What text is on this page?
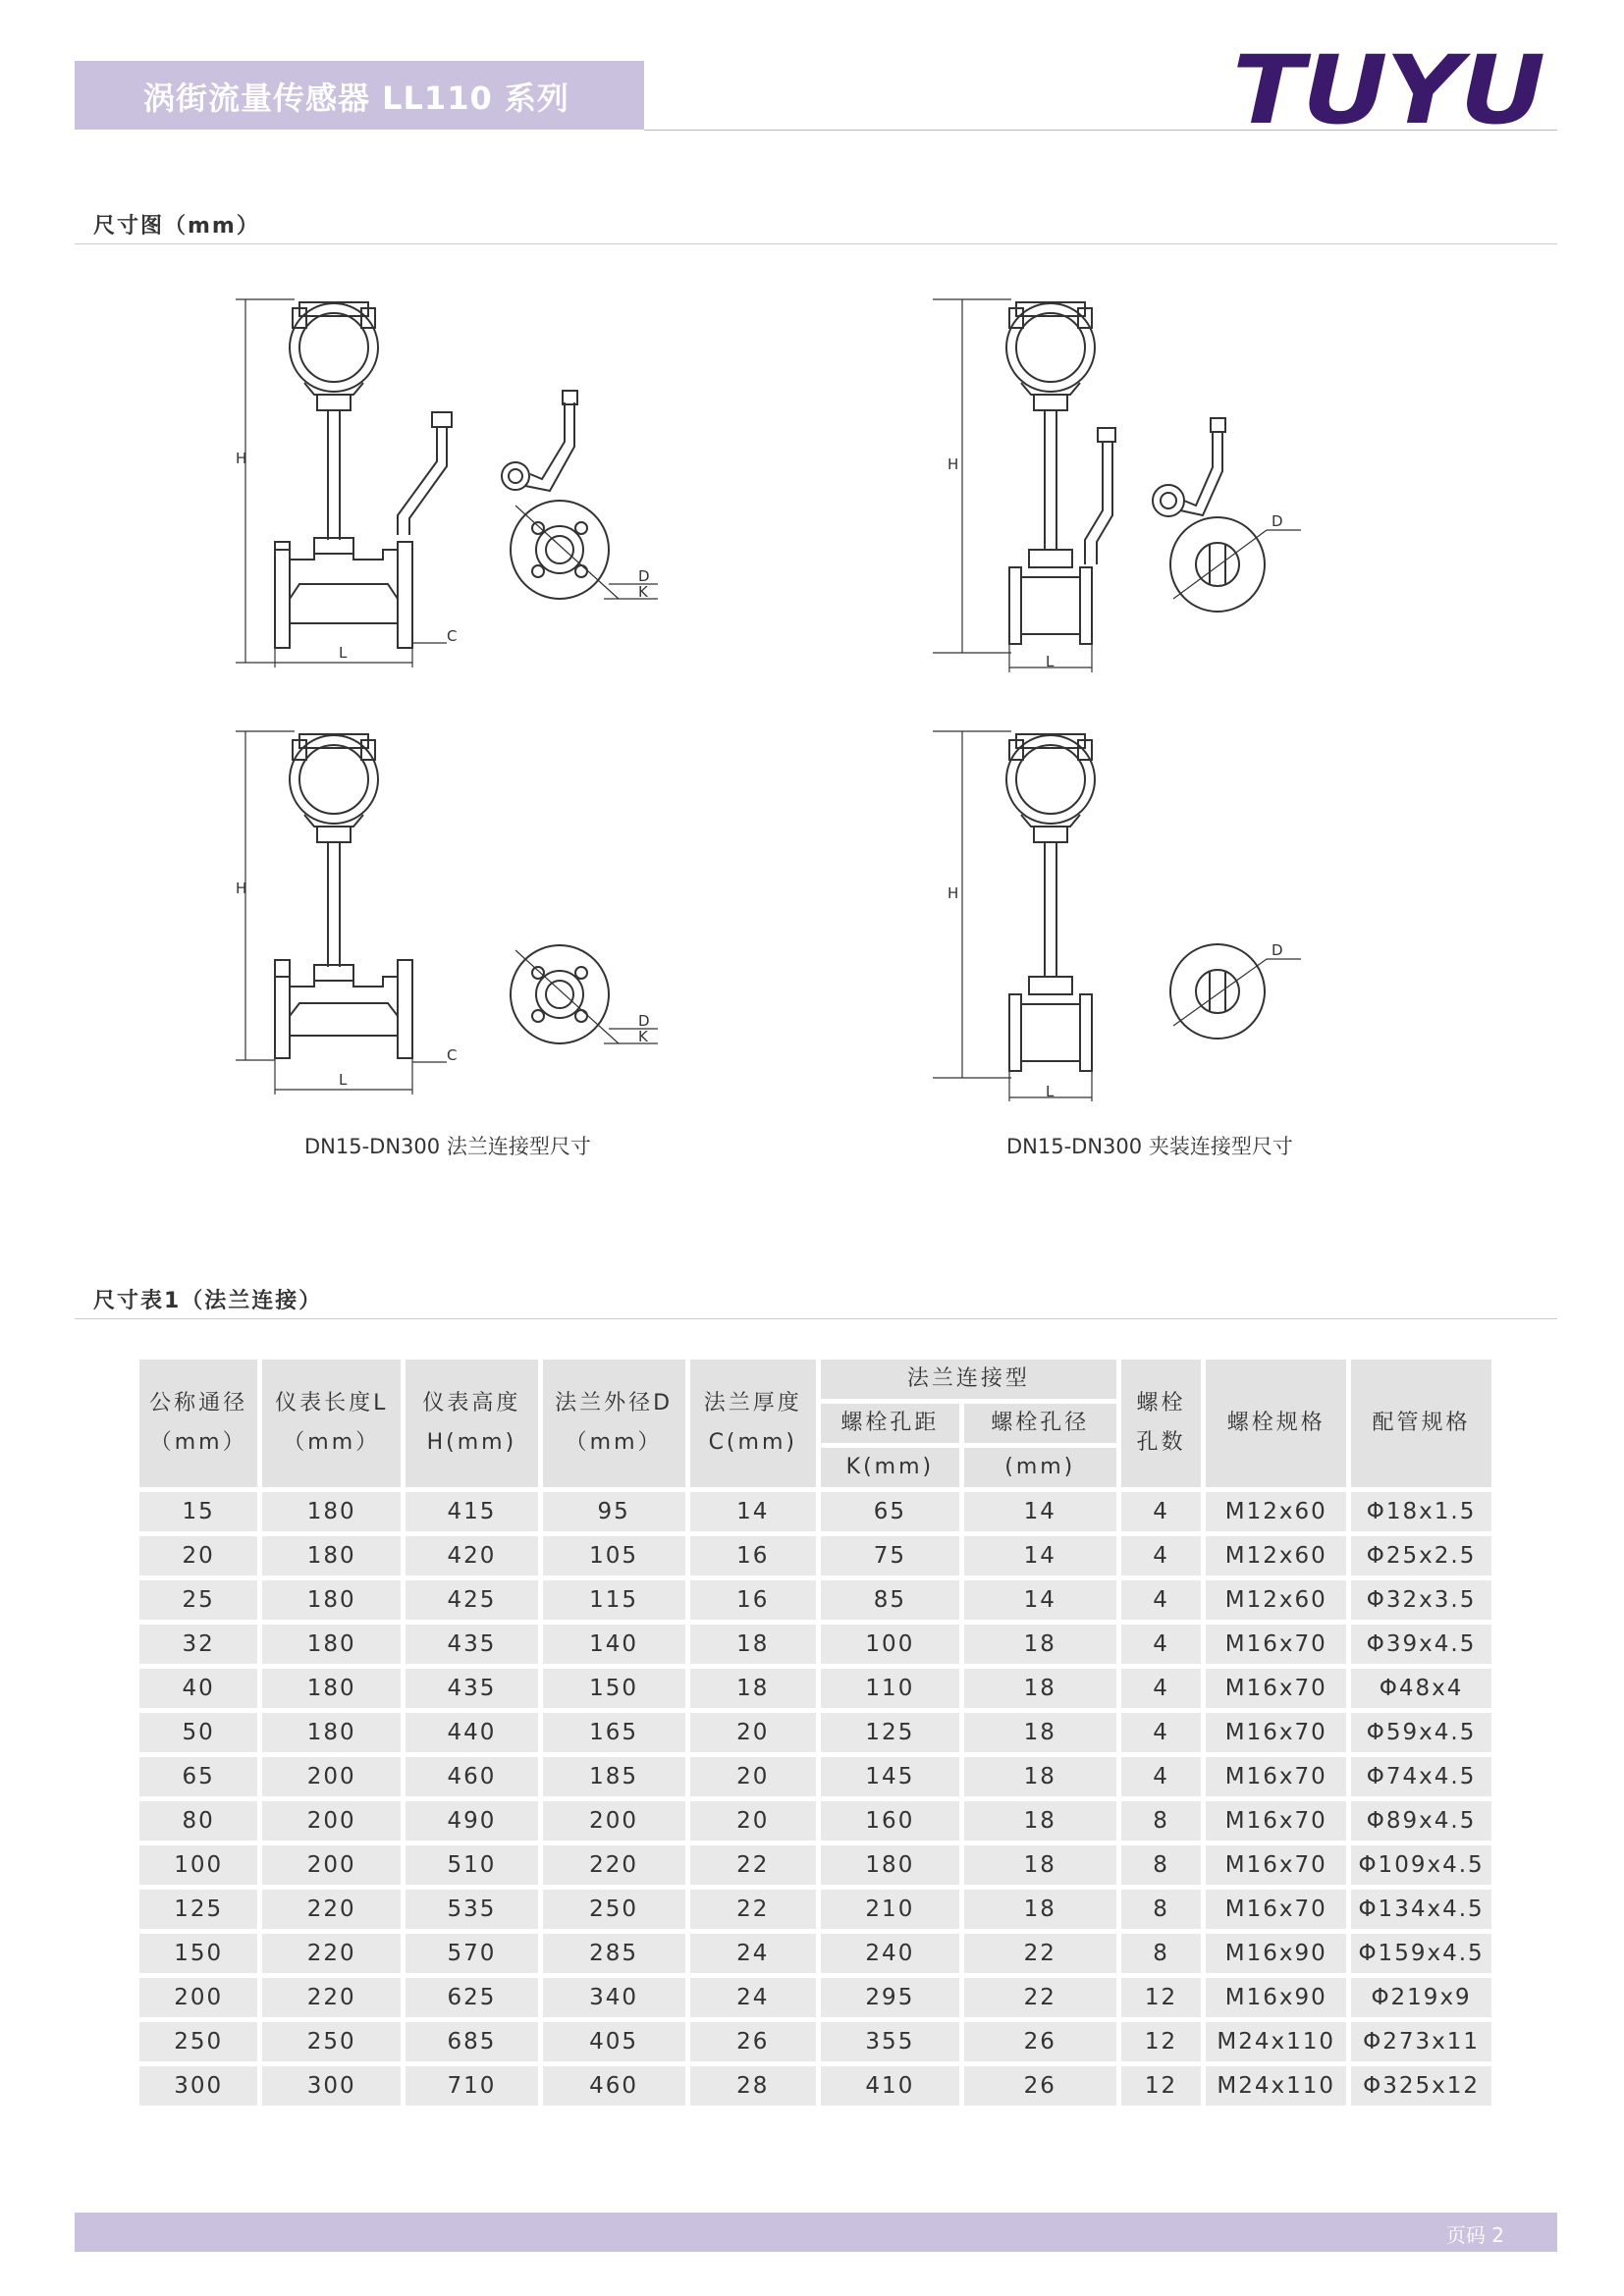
涡街流量传感器 LL110 系列	TUYU
尺寸图（mm）
H
L
C
D
K
H
L
D
H
L
C
D
K
H
L
D
DN15-DN300 法兰连接型尺寸	DN15-DN300 夹装连接型尺寸
尺寸表1（法兰连接）
公称通径（mm）	仪表长度L（mm）	仪表高度H(mm)	法兰外径D（mm）	法兰厚度C(mm)	法兰连接型		螺栓孔数	螺栓规格	配管规格
					螺栓孔距	螺栓孔径			
					K(mm)	(mm)			
15	180	415	95	14	65	14	4	M12x60	Φ18x1.5
20	180	420	105	16	75	14	4	M12x60	Φ25x2.5
25	180	425	115	16	85	14	4	M12x60	Φ32x3.5
32	180	435	140	18	100	18	4	M16x70	Φ39x4.5
40	180	435	150	18	110	18	4	M16x70	Φ48x4
50	180	440	165	20	125	18	4	M16x70	Φ59x4.5
65	200	460	185	20	145	18	4	M16x70	Φ74x4.5
80	200	490	200	20	160	18	8	M16x70	Φ89x4.5
100	200	510	220	22	180	18	8	M16x70	Φ109x4.5
125	220	535	250	22	210	18	8	M16x70	Φ134x4.5
150	220	570	285	24	240	22	8	M16x90	Φ159x4.5
200	220	625	340	24	295	22	12	M16x90	Φ219x9
250	250	685	405	26	355	26	12	M24x110	Φ273x11
300	300	710	460	28	410	26	12	M24x110	Φ325x12
页码 2
